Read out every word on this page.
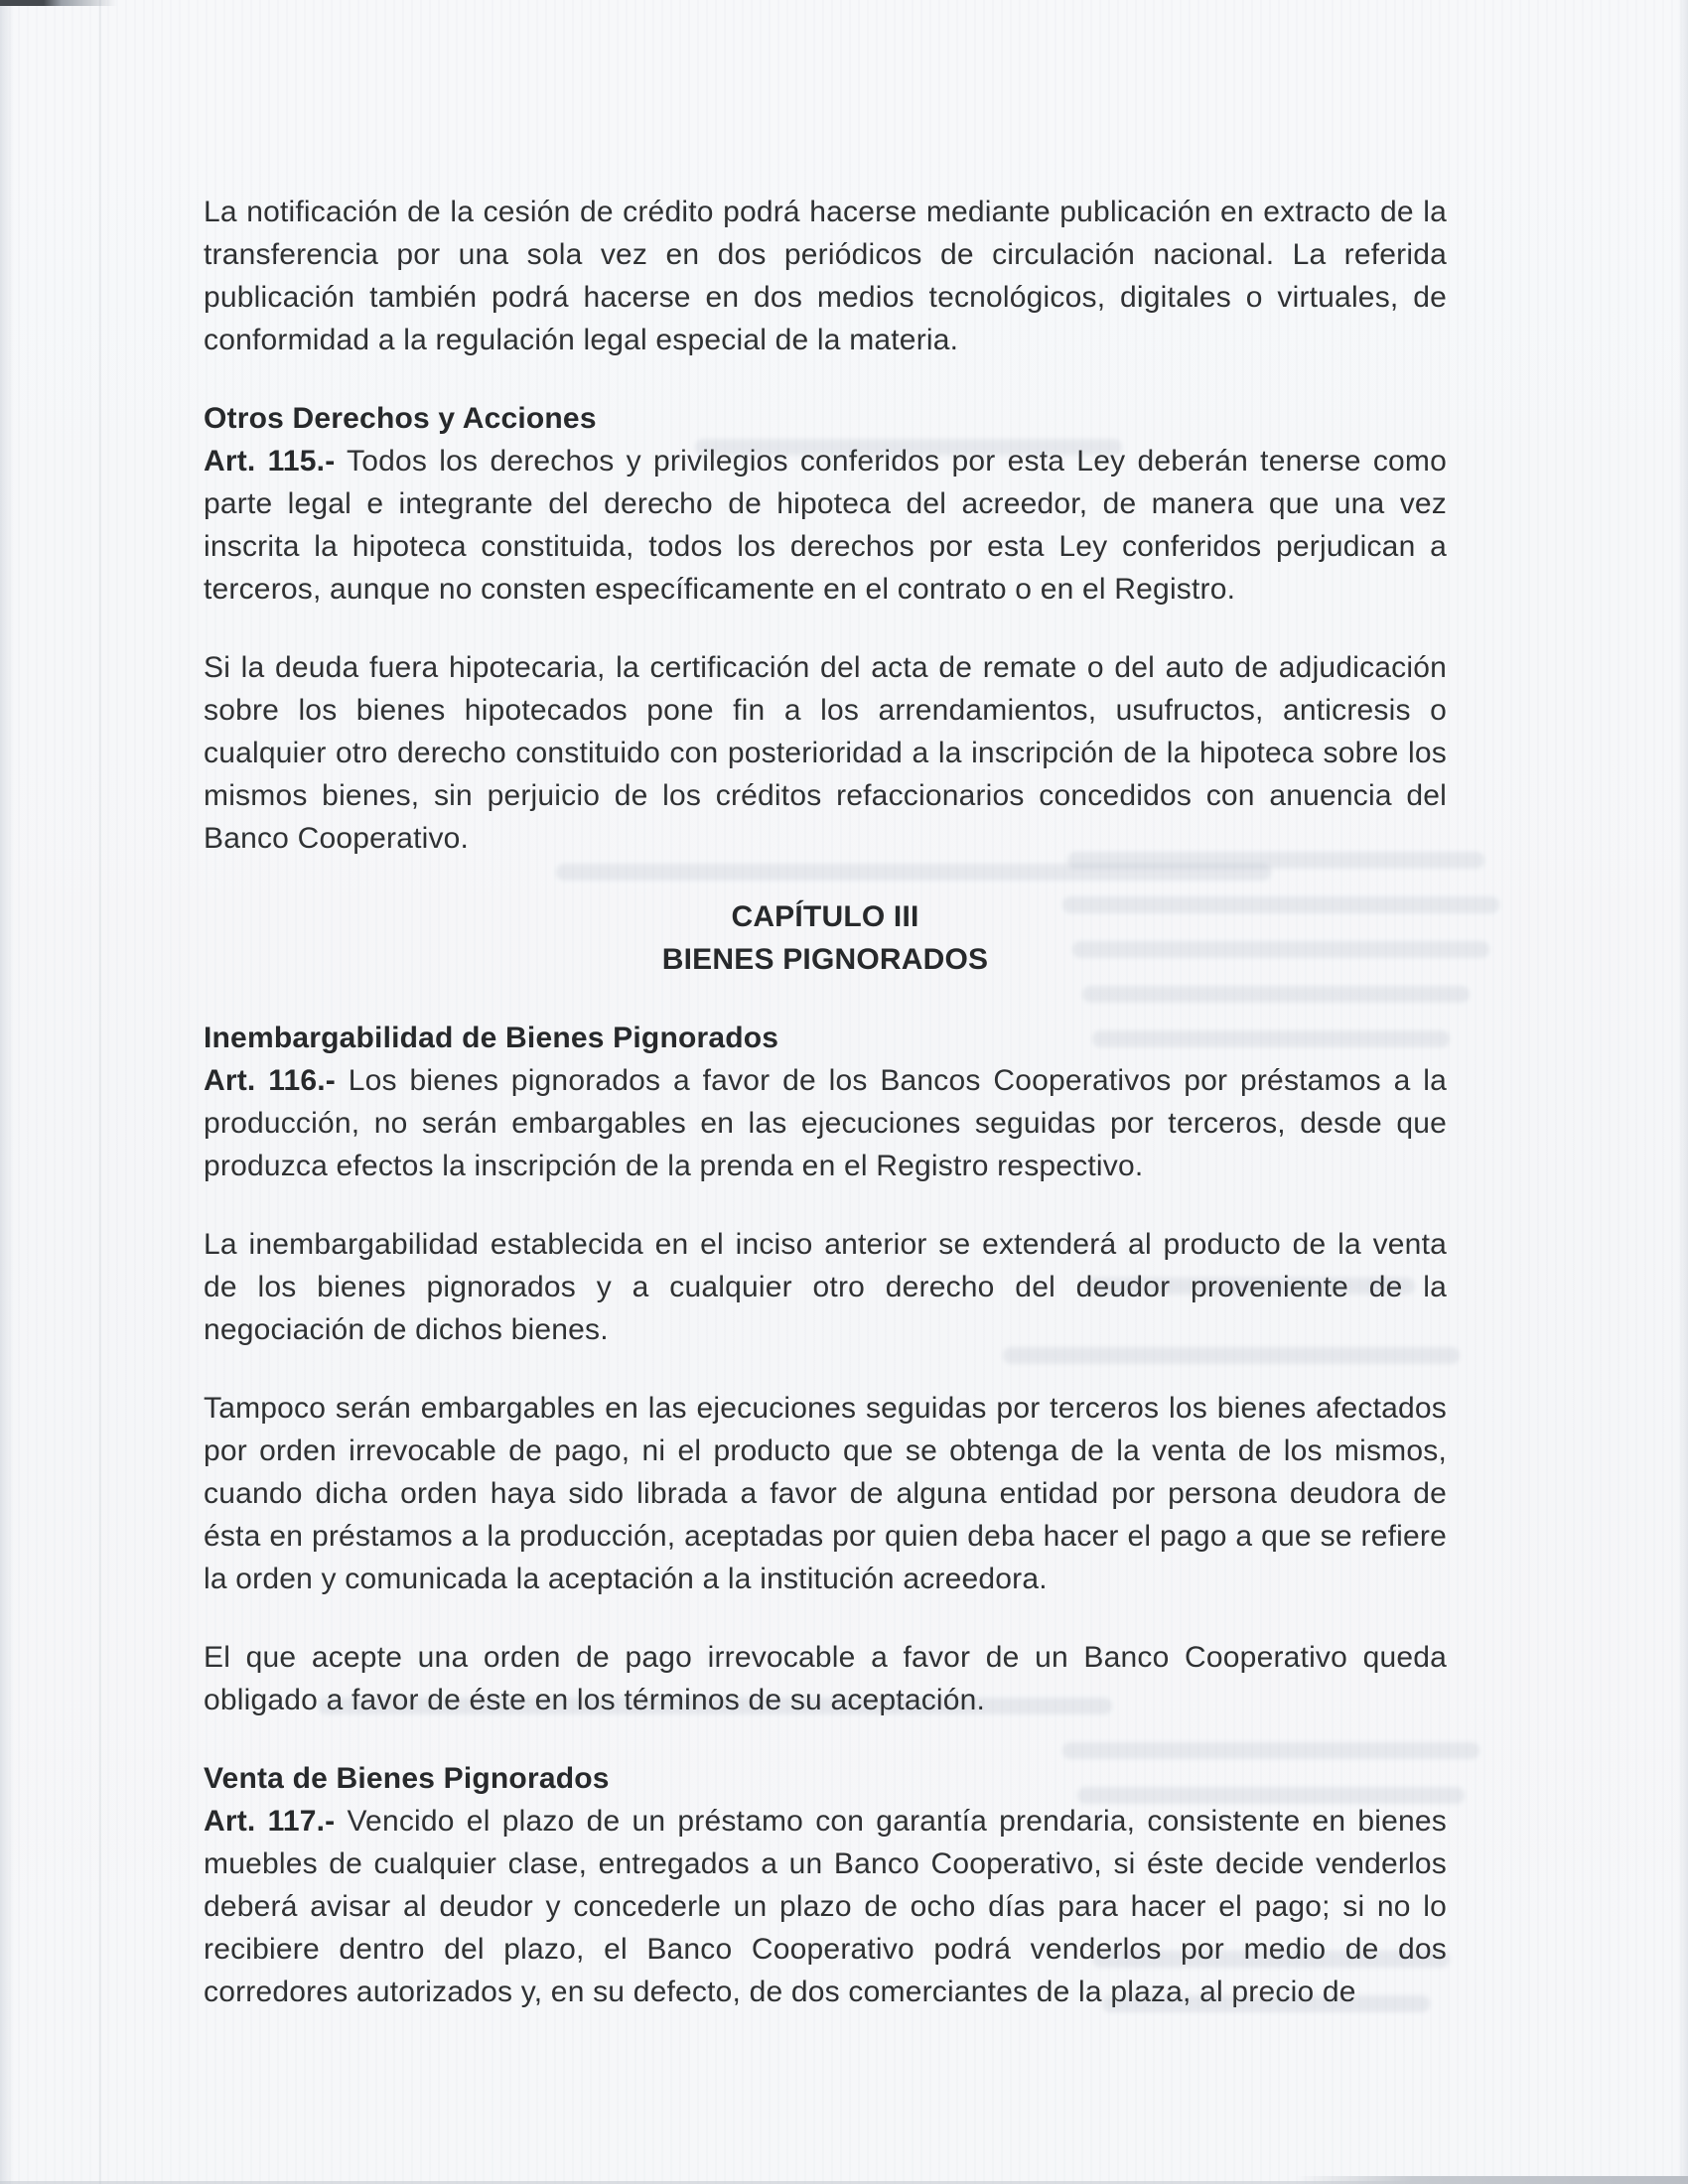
La notificación de la cesión de crédito podrá hacerse mediante publicación en extracto de la transferencia por una sola vez en dos periódicos de circulación nacional. La referida publicación también podrá hacerse en dos medios tecnológicos, digitales o virtuales, de conformidad a la regulación legal especial de la materia.

Otros Derechos y Acciones

Art. 115.- Todos los derechos y privilegios conferidos por esta Ley deberán tenerse como parte legal e integrante del derecho de hipoteca del acreedor, de manera que una vez inscrita la hipoteca constituida, todos los derechos por esta Ley conferidos perjudican a terceros, aunque no consten específicamente en el contrato o en el Registro.

Si la deuda fuera hipotecaria, la certificación del acta de remate o del auto de adjudicación sobre los bienes hipotecados pone fin a los arrendamientos, usufructos, anticresis o cualquier otro derecho constituido con posterioridad a la inscripción de la hipoteca sobre los mismos bienes, sin perjuicio de los créditos refaccionarios concedidos con anuencia del Banco Cooperativo.

CAPÍTULO III
BIENES PIGNORADOS

Inembargabilidad de Bienes Pignorados

Art. 116.- Los bienes pignorados a favor de los Bancos Cooperativos por préstamos a la producción, no serán embargables en las ejecuciones seguidas por terceros, desde que produzca efectos la inscripción de la prenda en el Registro respectivo.

La inembargabilidad establecida en el inciso anterior se extenderá al producto de la venta de los bienes pignorados y a cualquier otro derecho del deudor proveniente de la negociación de dichos bienes.

Tampoco serán embargables en las ejecuciones seguidas por terceros los bienes afectados por orden irrevocable de pago, ni el producto que se obtenga de la venta de los mismos, cuando dicha orden haya sido librada a favor de alguna entidad por persona deudora de ésta en préstamos a la producción, aceptadas por quien deba hacer el pago a que se refiere la orden y comunicada la aceptación a la institución acreedora.

El que acepte una orden de pago irrevocable a favor de un Banco Cooperativo queda obligado a favor de éste en los términos de su aceptación.

Venta de Bienes Pignorados

Art. 117.- Vencido el plazo de un préstamo con garantía prendaria, consistente en bienes muebles de cualquier clase, entregados a un Banco Cooperativo, si éste decide venderlos deberá avisar al deudor y concederle un plazo de ocho días para hacer el pago; si no lo recibiere dentro del plazo, el Banco Cooperativo podrá venderlos por medio de dos corredores autorizados y, en su defecto, de dos comerciantes de la plaza, al precio de
